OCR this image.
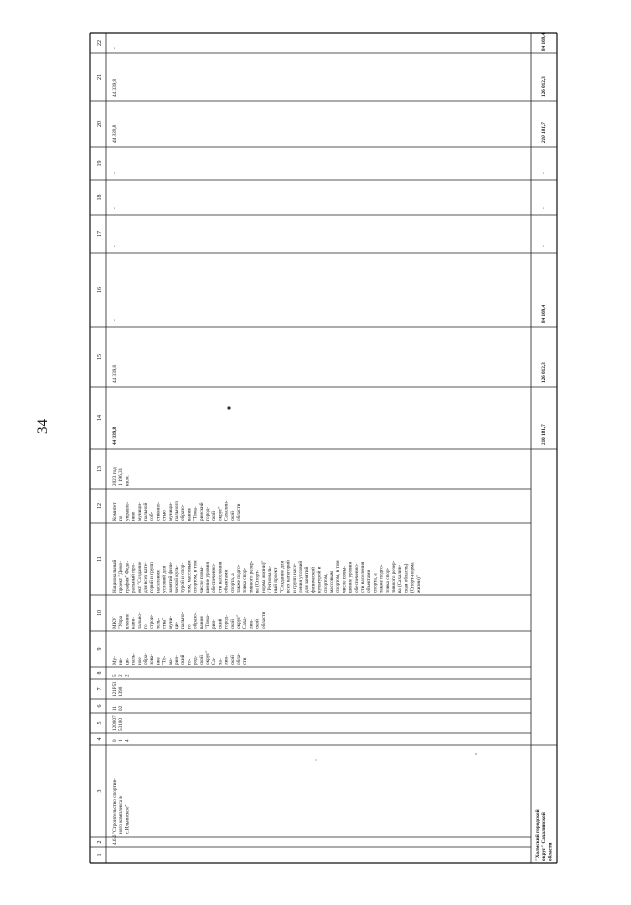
34
1
2
3
4
5
6
7
8
9
10
11
12
13
14
15
16
17
18
19
20
21
22
4.6.6
"Строительство спортив- ного комплекса в с.Ильинское"
0 1 4
120007 53100
11 02
121P5I 1390
5 2 2
Му- ни- ци- паль- ное обра- зова- ние "То- ма- рин- ский го- род- ской округ" Са- ха- лин- ской обла- сти
МКУ "Упра вление капи- тально- го строи- тель- ства" муни- ци- пально- го образо- вания "Тома- рин- ский город- ской округ" Саха- лин- ской области
Национальный проект "Демо- графия" Феде- ральный про- ект "Создание для всех кате- горий и групп населения условий для занятий физи- ческой куль- турой и спор- том, массовым спортом, в том числе повы- шение уровня обеспеченно- сти населения объектами спорта, а также подго- товка спор- тивного резер- ва (Спорт- норма жизни)" / Региональ- ный проект "Создание для всех категорий и групп насе- ления условий для занятий физической культурой и спортом, массовым спортом, в том числе повы- шение уровня обеспеченно- сти населения объектами спорта, а также подго- товка спор- тивного резер- ва (Сахалин- ская область) (Спорт-норма жизни)"
Комитет по управле- нию муници- пальной соб- ственно- стью муници- пального образо- вания "Тома- ринский город- ской округ" Сахалин- ской области
2023 год 1 196,31 кв.м.
44 339,8
44 339,8
-
-
-
-
44 339,8
44 339,8
-
"Холмский городской округ" Сахалинской области
210 181,7
126 012,3
84 169,4
-
-
-
210 181,7
126 012,3
84 169,4
